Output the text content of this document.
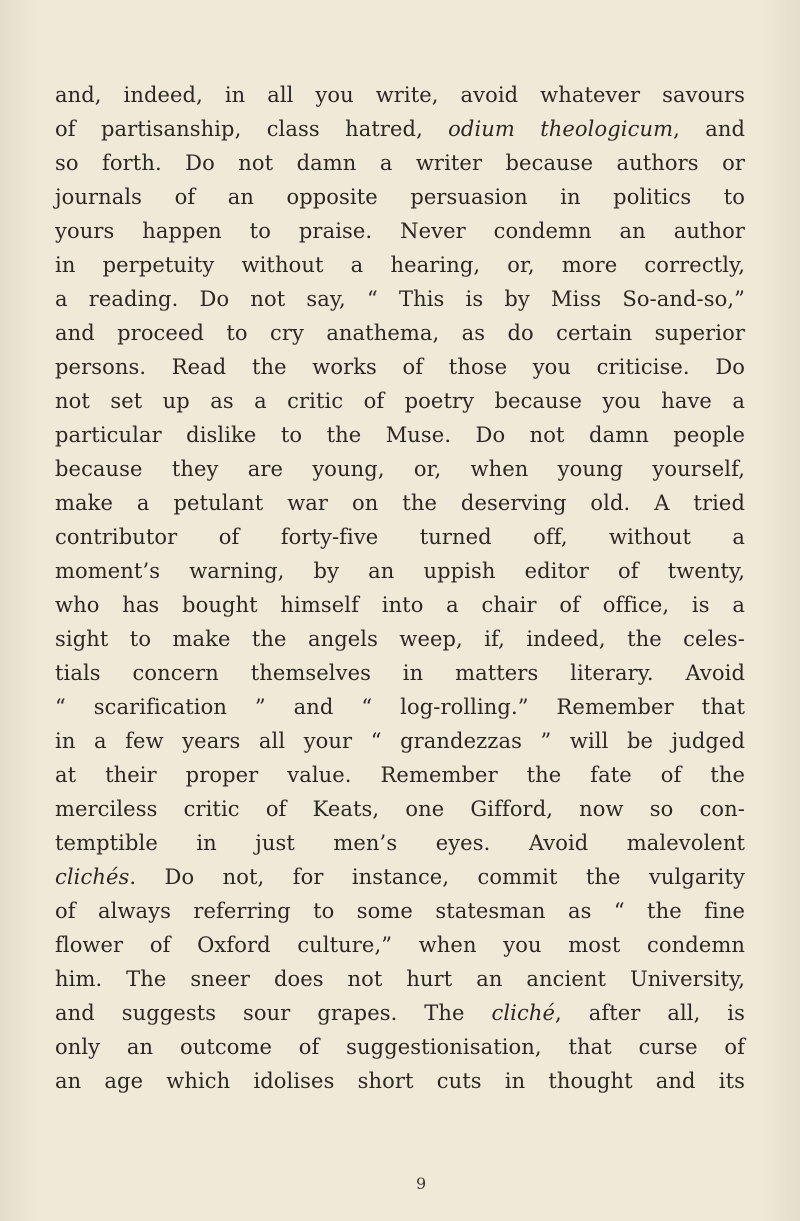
and, indeed, in all you write, avoid whatever savours
of partisanship, class hatred, odium theologicum, and
so forth. Do not damn a writer because authors or
journals of an opposite persuasion in politics to
yours happen to praise. Never condemn an author
in perpetuity without a hearing, or, more correctly,
a reading. Do not say, “ This is by Miss So-and-so,”
and proceed to cry anathema, as do certain superior
persons. Read the works of those you criticise. Do
not set up as a critic of poetry because you have a
particular dislike to the Muse. Do not damn people
because they are young, or, when young yourself,
make a petulant war on the deserving old. A tried
contributor of forty-five turned off, without a
moment’s warning, by an uppish editor of twenty,
who has bought himself into a chair of office, is a
sight to make the angels weep, if, indeed, the celes-
tials concern themselves in matters literary. Avoid
“ scarification ” and “ log-rolling.” Remember that
in a few years all your “ grandezzas ” will be judged
at their proper value. Remember the fate of the
merciless critic of Keats, one Gifford, now so con-
temptible in just men’s eyes. Avoid malevolent
clichés. Do not, for instance, commit the vulgarity
of always referring to some statesman as “ the fine
flower of Oxford culture,” when you most condemn
him. The sneer does not hurt an ancient University,
and suggests sour grapes. The cliché, after all, is
only an outcome of suggestionisation, that curse of
an age which idolises short cuts in thought and its
9
